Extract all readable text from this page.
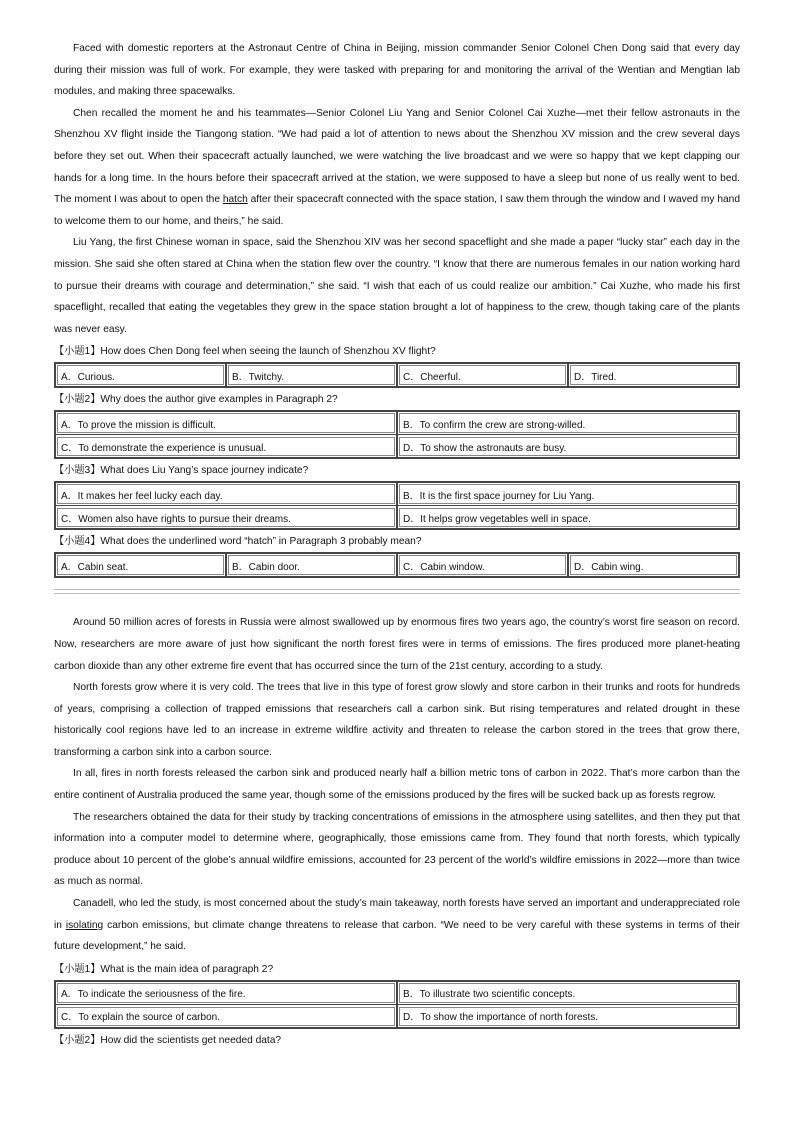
Faced with domestic reporters at the Astronaut Centre of China in Beijing, mission commander Senior Colonel Chen Dong said that every day during their mission was full of work. For example, they were tasked with preparing for and monitoring the arrival of the Wentian and Mengtian lab modules, and making three spacewalks.

Chen recalled the moment he and his teammates—Senior Colonel Liu Yang and Senior Colonel Cai Xuzhe—met their fellow astronauts in the Shenzhou XV flight inside the Tiangong station. “We had paid a lot of attention to news about the Shenzhou XV mission and the crew several days before they set out. When their spacecraft actually launched, we were watching the live broadcast and we were so happy that we kept clapping our hands for a long time. In the hours before their spacecraft arrived at the station, we were supposed to have a sleep but none of us really went to bed. The moment I was about to open the hatch after their spacecraft connected with the space station, I saw them through the window and I waved my hand to welcome them to our home, and theirs,” he said.

Liu Yang, the first Chinese woman in space, said the Shenzhou XIV was her second spaceflight and she made a paper “lucky star” each day in the mission. She said she often stared at China when the station flew over the country. “I know that there are numerous females in our nation working hard to pursue their dreams with courage and determination,” she said. “I wish that each of us could realize our ambition.” Cai Xuzhe, who made his first spaceflight, recalled that eating the vegetables they grew in the space station brought a lot of happiness to the crew, though taking care of the plants was never easy.

【小题1】How does Chen Dong feel when seeing the launch of Shenzhou XV flight?
A．Curious.	B．Twitchy.	C．Cheerful.	D．Tired.
【小题2】Why does the author give examples in Paragraph 2?
A．To prove the mission is difficult.	B．To confirm the crew are strong-willed.
C．To demonstrate the experience is unusual.	D．To show the astronauts are busy.
【小题3】What does Liu Yang’s space journey indicate?
A．It makes her feel lucky each day.	B．It is the first space journey for Liu Yang.
C．Women also have rights to pursue their dreams.	D．It helps grow vegetables well in space.
【小题4】What does the underlined word “hatch” in Paragraph 3 probably mean?
A．Cabin seat.	B．Cabin door.	C．Cabin window.	D．Cabin wing.

Around 50 million acres of forests in Russia were almost swallowed up by enormous fires two years ago, the country’s worst fire season on record. Now, researchers are more aware of just how significant the north forest fires were in terms of emissions. The fires produced more planet-heating carbon dioxide than any other extreme fire event that has occurred since the turn of the 21st century, according to a study.

North forests grow where it is very cold. The trees that live in this type of forest grow slowly and store carbon in their trunks and roots for hundreds of years, comprising a collection of trapped emissions that researchers call a carbon sink. But rising temperatures and related drought in these historically cool regions have led to an increase in extreme wildfire activity and threaten to release the carbon stored in the trees that grow there, transforming a carbon sink into a carbon source.

In all, fires in north forests released the carbon sink and produced nearly half a billion metric tons of carbon in 2022. That’s more carbon than the entire continent of Australia produced the same year, though some of the emissions produced by the fires will be sucked back up as forests regrow.

The researchers obtained the data for their study by tracking concentrations of emissions in the atmosphere using satellites, and then they put that information into a computer model to determine where, geographically, those emissions came from. They found that north forests, which typically produce about 10 percent of the globe’s annual wildfire emissions, accounted for 23 percent of the world’s wildfire emissions in 2022—more than twice as much as normal.

Canadell, who led the study, is most concerned about the study’s main takeaway, north forests have served an important and underappreciated role in isolating carbon emissions, but climate change threatens to release that carbon. “We need to be very careful with these systems in terms of their future development,” he said.

【小题1】What is the main idea of paragraph 2?
A．To indicate the seriousness of the fire.	B．To illustrate two scientific concepts.
C．To explain the source of carbon.	D．To show the importance of north forests.
【小题2】How did the scientists get needed data?
